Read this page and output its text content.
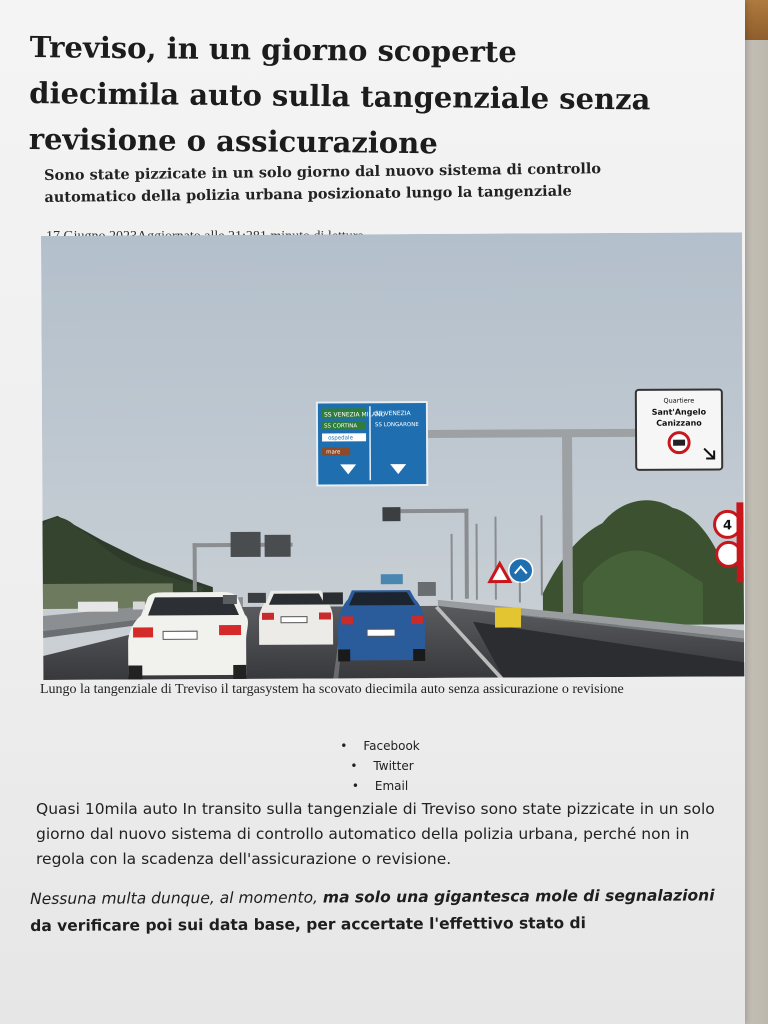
Treviso, in un giorno scoperte diecimila auto sulla tangenziale senza revisione o assicurazione

Sono state pizzicate in un solo giorno dal nuovo sistema di controllo automatico della polizia urbana posizionato lungo la tangenziale

SS VENEZIA MILANO
SS CORTINA
ospedale
mare
SS VENEZIA
SS LONGARONE
Quartiere
Sant'Angelo
Canizzano
4

Lungo la tangenziale di Treviso il targasystem ha scovato diecimila auto senza assicurazione o revisione

• Facebook
• Twitter
• Email

Quasi 10mila auto In transito sulla tangenziale di Treviso sono state pizzicate in un solo giorno dal nuovo sistema di controllo automatico della polizia urbana, perché non in regola con la scadenza dell'assicurazione o revisione.

Nessuna multa dunque, al momento, ma solo una gigantesca mole di segnalazioni da verificare poi sui data base, per accertate l'effettivo stato di
